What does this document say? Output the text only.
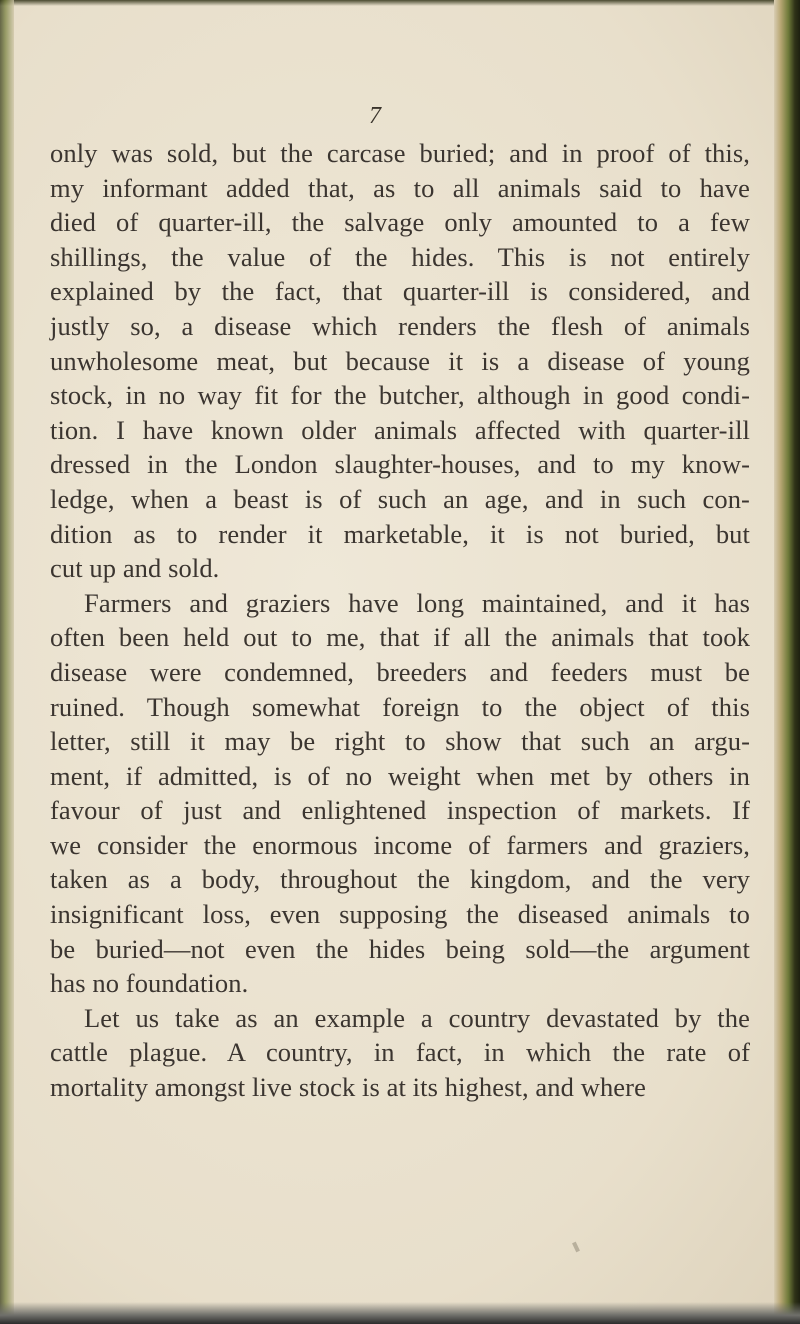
7
only was sold, but the carcase buried; and in proof of this,
my informant added that, as to all animals said to have
died of quarter-ill, the salvage only amounted to a few
shillings, the value of the hides. This is not entirely
explained by the fact, that quarter-ill is considered, and
justly so, a disease which renders the flesh of animals
unwholesome meat, but because it is a disease of young
stock, in no way fit for the butcher, although in good condi-
tion. I have known older animals affected with quarter-ill
dressed in the London slaughter-houses, and to my know-
ledge, when a beast is of such an age, and in such con-
dition as to render it marketable, it is not buried, but
cut up and sold.
Farmers and graziers have long maintained, and it has
often been held out to me, that if all the animals that took
disease were condemned, breeders and feeders must be
ruined. Though somewhat foreign to the object of this
letter, still it may be right to show that such an argu-
ment, if admitted, is of no weight when met by others in
favour of just and enlightened inspection of markets. If
we consider the enormous income of farmers and graziers,
taken as a body, throughout the kingdom, and the very
insignificant loss, even supposing the diseased animals to
be buried—not even the hides being sold—the argument
has no foundation.
Let us take as an example a country devastated by the
cattle plague. A country, in fact, in which the rate of
mortality amongst live stock is at its highest, and where
